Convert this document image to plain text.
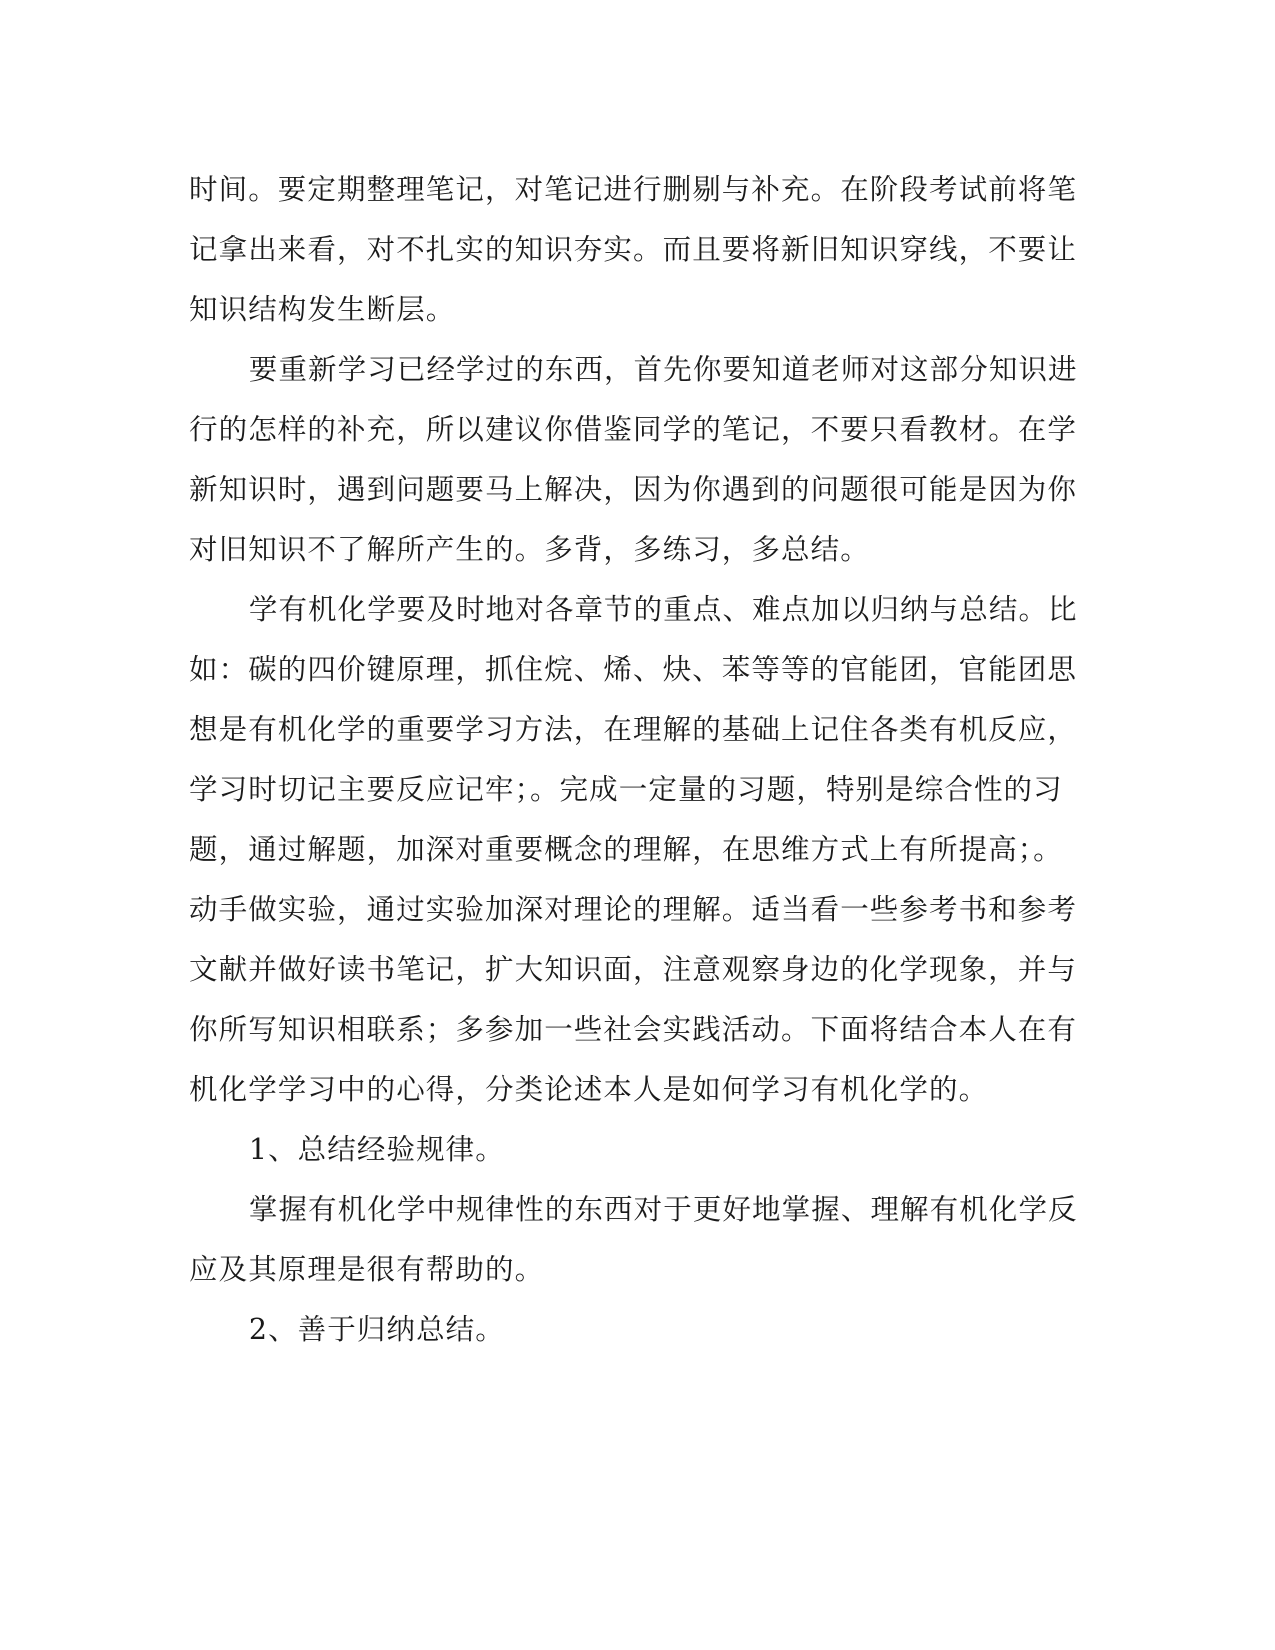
时间。要定期整理笔记，对笔记进行删剔与补充。在阶段考试前将笔记拿出来看，对不扎实的知识夯实。而且要将新旧知识穿线，不要让知识结构发生断层。

要重新学习已经学过的东西，首先你要知道老师对这部分知识进行的怎样的补充，所以建议你借鉴同学的笔记，不要只看教材。在学新知识时，遇到问题要马上解决，因为你遇到的问题很可能是因为你对旧知识不了解所产生的。多背，多练习，多总结。

学有机化学要及时地对各章节的重点、难点加以归纳与总结。比如：碳的四价键原理，抓住烷、烯、炔、苯等等的官能团，官能团思想是有机化学的重要学习方法，在理解的基础上记住各类有机反应，学习时切记主要反应记牢；。完成一定量的习题，特别是综合性的习题，通过解题，加深对重要概念的理解，在思维方式上有所提高；。动手做实验，通过实验加深对理论的理解。适当看一些参考书和参考文献并做好读书笔记，扩大知识面，注意观察身边的化学现象，并与你所写知识相联系；多参加一些社会实践活动。下面将结合本人在有机化学学习中的心得，分类论述本人是如何学习有机化学的。

1、总结经验规律。

掌握有机化学中规律性的东西对于更好地掌握、理解有机化学反应及其原理是很有帮助的。

2、善于归纳总结。
